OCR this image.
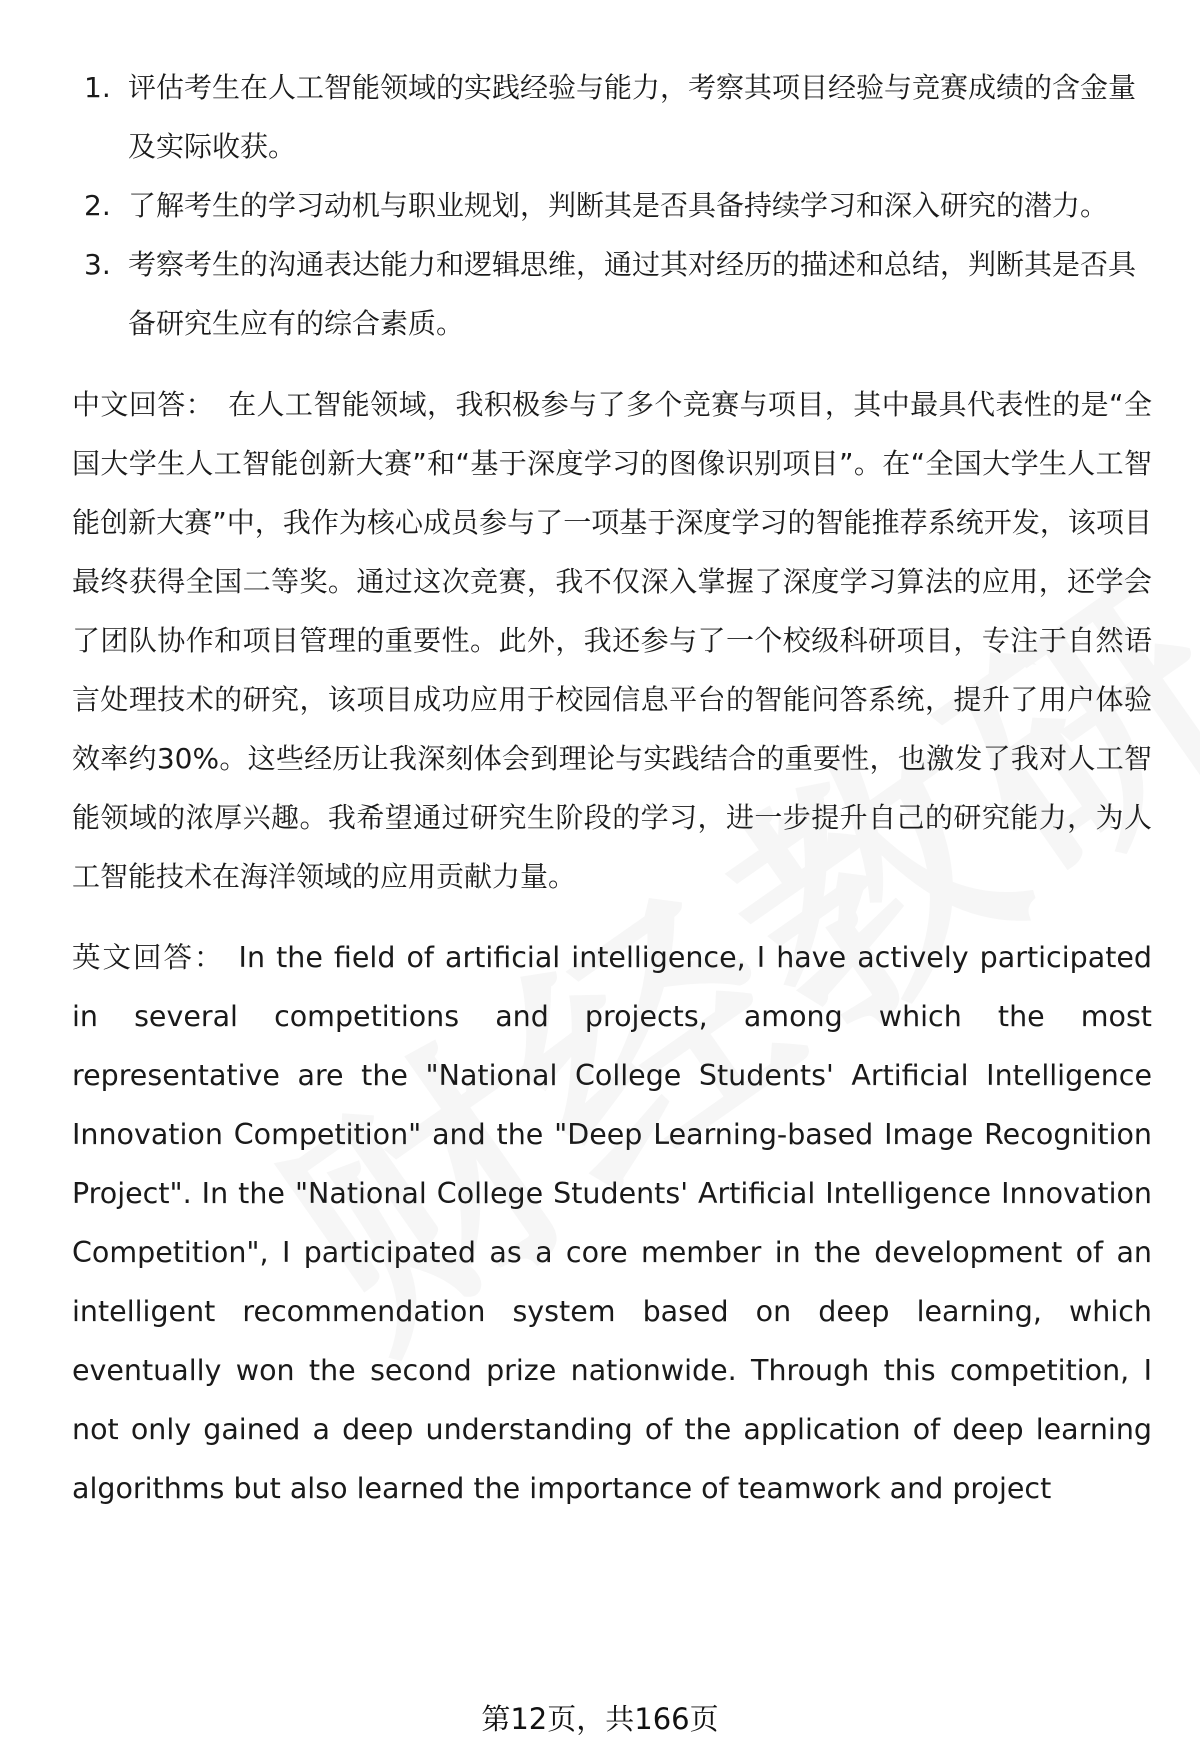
1. 评估考生在人工智能领域的实践经验与能力，考察其项目经验与竞赛成绩的含金量及实际收获。
2. 了解考生的学习动机与职业规划，判断其是否具备持续学习和深入研究的潜力。
3. 考察考生的沟通表达能力和逻辑思维，通过其对经历的描述和总结，判断其是否具备研究生应有的综合素质。

中文回答： 在人工智能领域，我积极参与了多个竞赛与项目，其中最具代表性的是“全国大学生人工智能创新大赛”和“基于深度学习的图像识别项目”。在“全国大学生人工智能创新大赛”中，我作为核心成员参与了一项基于深度学习的智能推荐系统开发，该项目最终获得全国二等奖。通过这次竞赛，我不仅深入掌握了深度学习算法的应用，还学会了团队协作和项目管理的重要性。此外，我还参与了一个校级科研项目，专注于自然语言处理技术的研究，该项目成功应用于校园信息平台的智能问答系统，提升了用户体验效率约30%。这些经历让我深刻体会到理论与实践结合的重要性，也激发了我对人工智能领域的浓厚兴趣。我希望通过研究生阶段的学习，进一步提升自己的研究能力，为人工智能技术在海洋领域的应用贡献力量。

英文回答： In the field of artificial intelligence, I have actively participated in several competitions and projects, among which the most representative are the "National College Students' Artificial Intelligence Innovation Competition" and the "Deep Learning-based Image Recognition Project". In the "National College Students' Artificial Intelligence Innovation Competition", I participated as a core member in the development of an intelligent recommendation system based on deep learning, which eventually won the second prize nationwide. Through this competition, I not only gained a deep understanding of the application of deep learning algorithms but also learned the importance of teamwork and project

第12页，共166页
